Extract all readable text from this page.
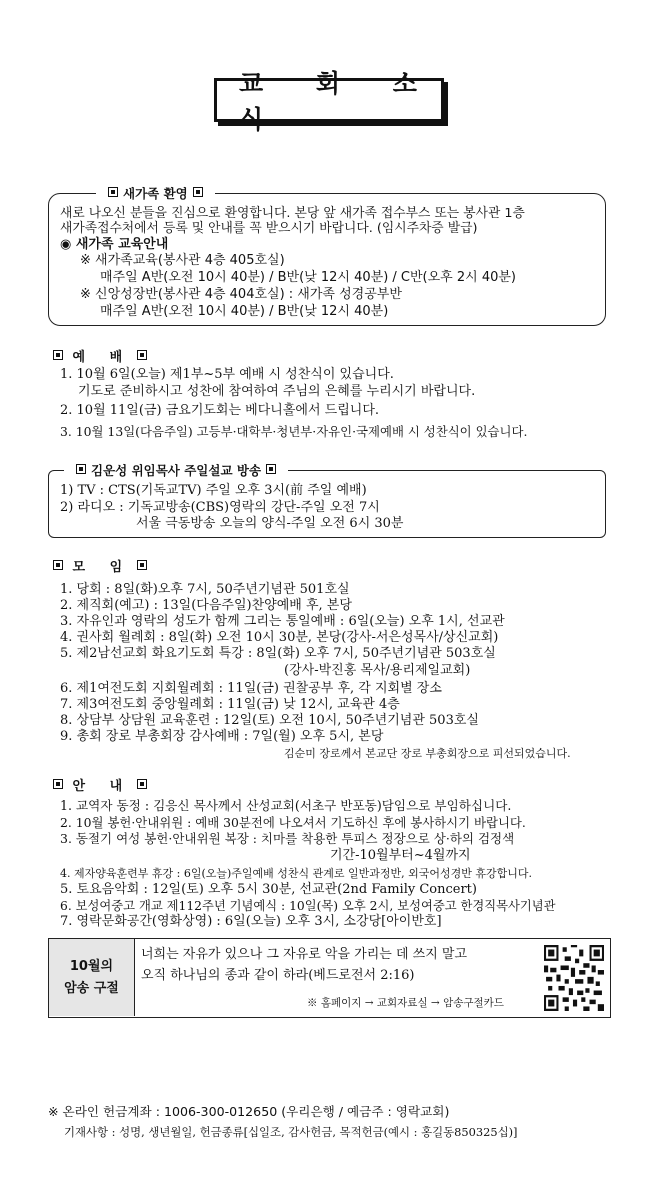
교 회 소 식
새가족 환영
새로 나오신 분들을 진심으로 환영합니다. 본당 앞 새가족 접수부스 또는 봉사관 1층
새가족접수처에서 등록 및 안내를 꼭 받으시기 바랍니다. (임시주차증 발급)
◉ 새가족 교육안내
※ 새가족교육(봉사관 4층 405호실)
매주일 A반(오전 10시 40분) / B반(낮 12시 40분) / C반(오후 2시 40분)
※ 신앙성장반(봉사관 4층 404호실) : 새가족 성경공부반
매주일 A반(오전 10시 40분) / B반(낮 12시 40분)
예 배
1. 10월 6일(오늘) 제1부~5부 예배 시 성찬식이 있습니다.
기도로 준비하시고 성찬에 참여하여 주님의 은혜를 누리시기 바랍니다.
2. 10월 11일(금) 금요기도회는 베다니홀에서 드립니다.
3. 10월 13일(다음주일) 고등부·대학부·청년부·자유인·국제예배 시 성찬식이 있습니다.
김운성 위임목사 주일설교 방송
1) TV : CTS(기독교TV) 주일 오후 3시(前 주일 예배)
2) 라디오 : 기독교방송(CBS)영락의 강단-주일 오전 7시
서울 극동방송 오늘의 양식-주일 오전 6시 30분
모 임
1. 당회 : 8일(화)오후 7시, 50주년기념관 501호실
2. 제직회(예고) : 13일(다음주일)찬양예배 후, 본당
3. 자유인과 영락의 성도가 함께 그리는 통일예배 : 6일(오늘) 오후 1시, 선교관
4. 권사회 월례회 : 8일(화) 오전 10시 30분, 본당(강사-서은성목사/상신교회)
5. 제2남선교회 화요기도회 특강 : 8일(화) 오후 7시, 50주년기념관 503호실
(강사-박진홍 목사/용리제일교회)
6. 제1여전도회 지회월례회 : 11일(금) 권찰공부 후, 각 지회별 장소
7. 제3여전도회 중앙월례회 : 11일(금) 낮 12시, 교육관 4층
8. 상담부 상담원 교육훈련 : 12일(토) 오전 10시, 50주년기념관 503호실
9. 총회 장로 부총회장 감사예배 : 7일(월) 오후 5시, 본당
김순미 장로께서 본교단 장로 부총회장으로 피선되었습니다.
안 내
1. 교역자 동정 : 김응신 목사께서 산성교회(서초구 반포동)담임으로 부임하십니다.
2. 10월 봉헌·안내위원 : 예배 30분전에 나오셔서 기도하신 후에 봉사하시기 바랍니다.
3. 동절기 여성 봉헌·안내위원 복장 : 치마를 착용한 투피스 정장으로 상·하의 검정색
기간-10월부터~4월까지
4. 제자양육훈련부 휴강 : 6일(오늘)주일예배 성찬식 관계로 일반과정반, 외국어성경반 휴강합니다.
5. 토요음악회 : 12일(토) 오후 5시 30분, 선교관(2nd Family Concert)
6. 보성여중고 개교 제112주년 기념예식 : 10일(목) 오후 2시, 보성여중고 한경직목사기념관
7. 영락문화공간(영화상영) : 6일(오늘) 오후 3시, 소강당[아이반호]
10월의
암송 구절
너희는 자유가 있으나 그 자유로 악을 가리는 데 쓰지 말고
오직 하나님의 종과 같이 하라(베드로전서 2:16)
※ 홈페이지 → 교회자료실 → 암송구절카드
※ 온라인 헌금계좌 : 1006-300-012650 (우리은행 / 예금주 : 영락교회)
기재사항 : 성명, 생년월일, 헌금종류[십일조, 감사헌금, 목적헌금(예시 : 홍길동850325십)]
